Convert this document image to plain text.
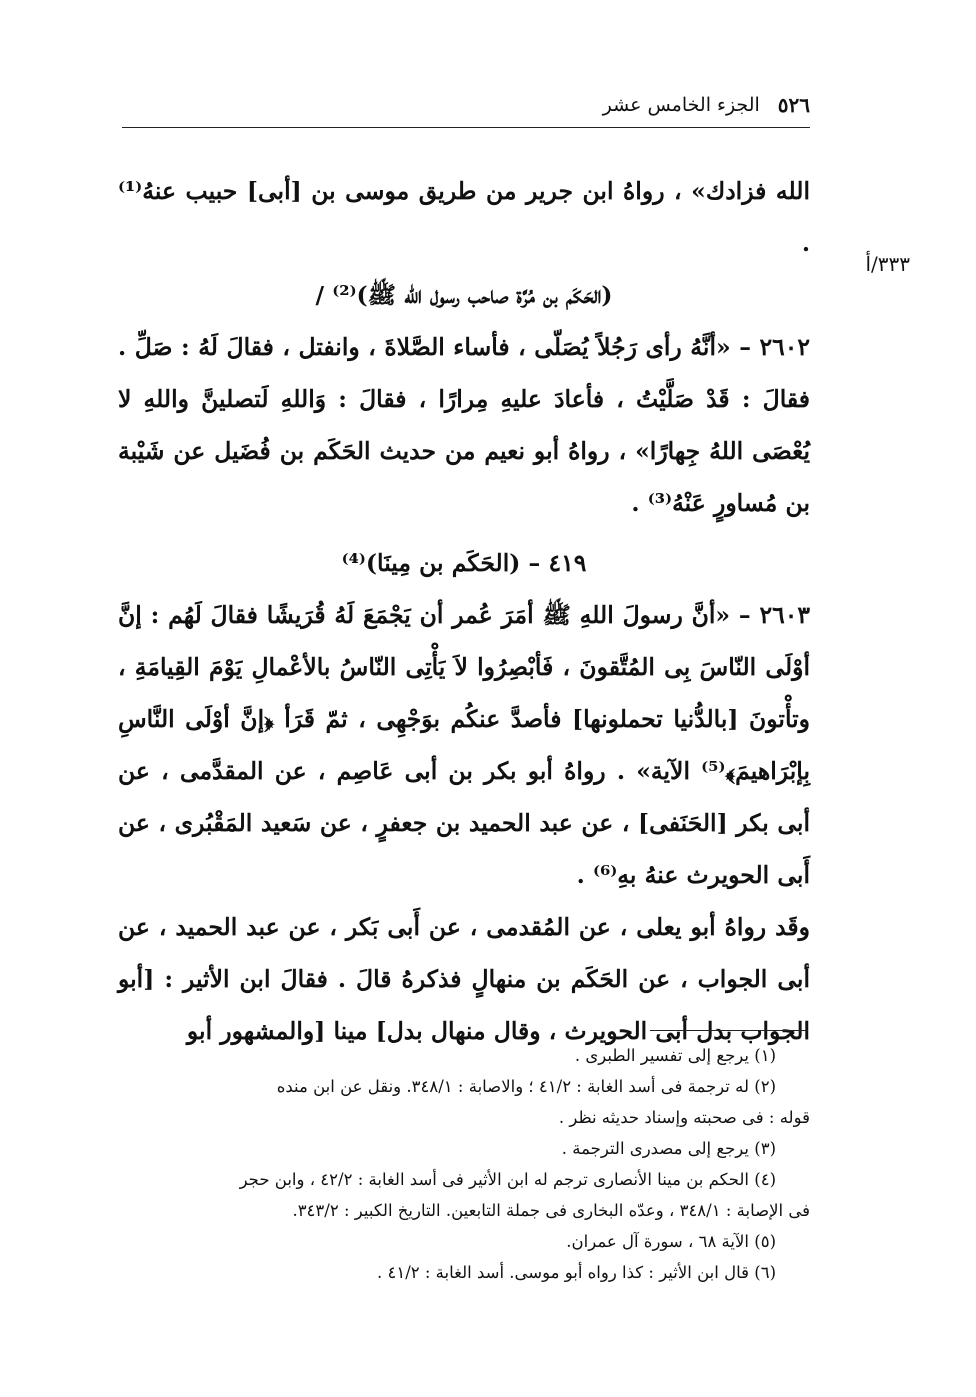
٥٢٦
الجزء الخامس عشر
٣٣٣/أ

الله فزادك» ، رواهُ ابن جرير من طريق موسى بن [أبى] حبيب عنهُ⁽¹⁾ .

(الحَكَم بن مُرَّة صاحب رسول الله ﷺ)⁽²⁾ /

٢٦٠٢ – «أنَّهُ رأى رَجُلاً يُصَلّى ، فأساء الصَّلاةَ ، وانفتل ، فقالَ لَهُ : صَلِّ . فقالَ : قَدْ صَلَّيْتُ ، فأعادَ عليهِ مِرارًا ، فقالَ : وَاللهِ لَتصلينَّ واللهِ لا يُعْصَى اللهُ جِهارًا» ، رواهُ أبو نعيم من حديث الحَكَم بن فُضَيل عن شَيْبة بن مُساورٍ عَنْهُ⁽³⁾ .

٤١٩ – (الحَكَم بن مِينَا)⁽⁴⁾

٢٦٠٣ – «أنَّ رسولَ اللهِ ﷺ أمَرَ عُمر أن يَجْمَعَ لَهُ قُرَيشًا فقالَ لَهُم : إنَّ أوْلَى النّاسَ بِى المُتَّقونَ ، فَأبْصِرُوا لاَ يَأْتِى النّاسُ بالأعْمالِ يَوْمَ القِيامَةِ ، وتأْتونَ [بالدُّنيا تحملونها] فأصدَّ عنكُم بوَجْهِى ، ثمّ قَرَأ ﴿إنَّ أوْلَى النَّاسِ بِإبْرَاهيمَ﴾⁽⁵⁾ الآية» . رواهُ أبو بكر بن أبى عَاصِم ، عن المقدَّمى ، عن أبى بكر [الحَنَفى] ، عن عبد الحميد بن جعفرٍ ، عن سَعيد المَقْبُرى ، عن أَبى الحويرث عنهُ بهِ⁽⁶⁾ .

وقَد رواهُ أبو يعلى ، عن المُقدمى ، عن أَبى بَكر ، عن عبد الحميد ، عن أبى الجواب ، عن الحَكَم بن منهالٍ فذكرهُ قالَ . فقالَ ابن الأثير : [أبو الجواب بدل أبى الحويرث ، وقال منهال بدل] مينا [والمشهور أبو

(١) يرجع إلى تفسير الطبرى .

(٢) له ترجمة فى أسد الغابة : ٤١/٢ ؛ والاصابة : ٣٤٨/١. ونقل عن ابن منده

قوله : فى صحبته وإسناد حديثه نظر .

(٣) يرجع إلى مصدرى الترجمة .

(٤) الحكم بن مينا الأنصارى ترجم له ابن الأثير فى أسد الغابة : ٤٢/٢ ، وابن حجر

فى الإصابة : ٣٤٨/١ ، وعدّه البخارى فى جملة التابعين. التاريخ الكبير : ٣٤٣/٢.

(٥) الآية ٦٨ ، سورة آل عمران.

(٦) قال ابن الأثير : كذا رواه أبو موسى. أسد الغابة : ٤١/٢ .
